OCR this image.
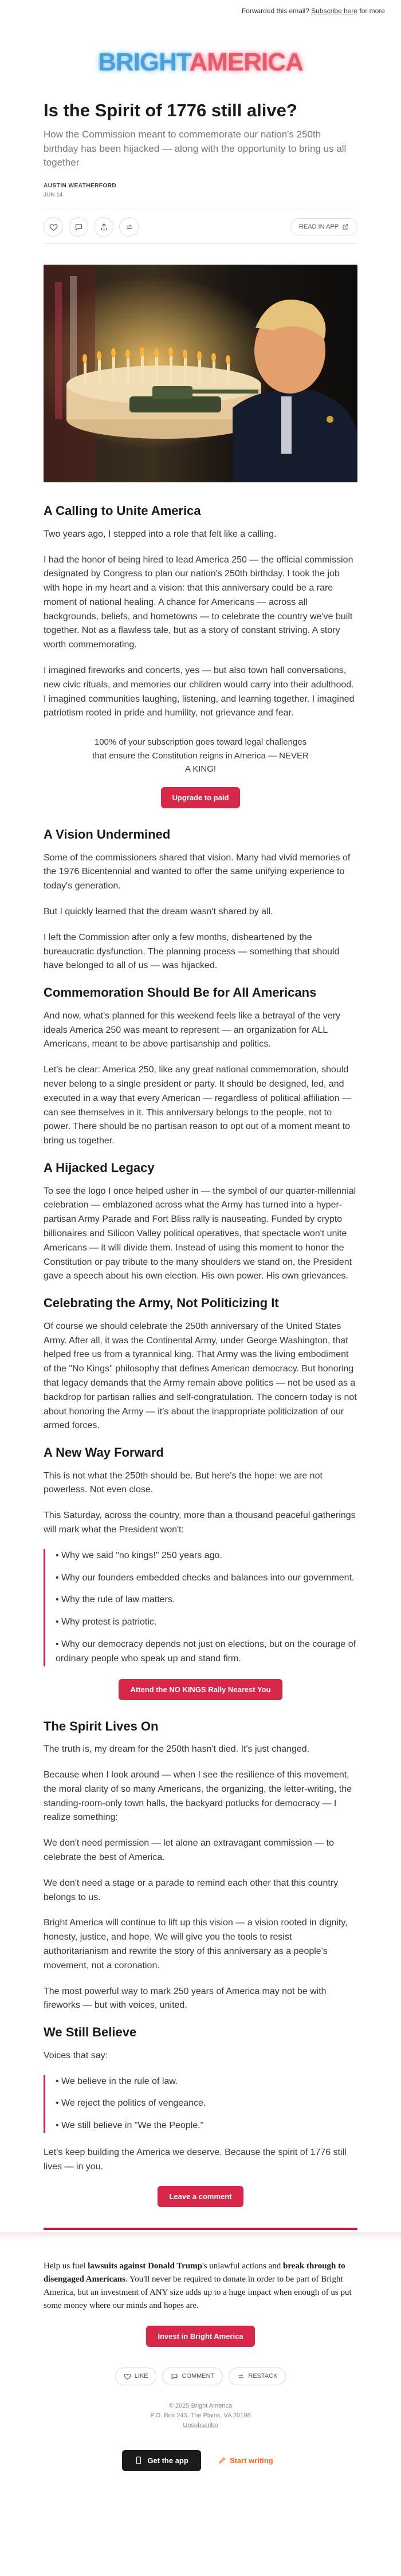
Forwarded this email? Subscribe here for more
BRIGHTAMERICA
Is the Spirit of 1776 still alive?
How the Commission meant to commemorate our nation's 250th birthday has been hijacked — along with the opportunity to bring us all together
AUSTIN WEATHERFORD
JUN 14
READ IN APP
A Calling to Unite America

Two years ago, I stepped into a role that felt like a calling.

I had the honor of being hired to lead America 250 — the official commission designated by Congress to plan our nation's 250th birthday. I took the job with hope in my heart and a vision: that this anniversary could be a rare moment of national healing. A chance for Americans — across all backgrounds, beliefs, and hometowns — to celebrate the country we've built together. Not as a flawless tale, but as a story of constant striving. A story worth commemorating.

I imagined fireworks and concerts, yes — but also town hall conversations, new civic rituals, and memories our children would carry into their adulthood. I imagined communities laughing, listening, and learning together. I imagined patriotism rooted in pride and humility, not grievance and fear.

100% of your subscription goes toward legal challenges that ensure the Constitution reigns in America — NEVER A KING!

Upgrade to paid
A Vision Undermined

Some of the commissioners shared that vision. Many had vivid memories of the 1976 Bicentennial and wanted to offer the same unifying experience to today's generation.

But I quickly learned that the dream wasn't shared by all.

I left the Commission after only a few months, disheartened by the bureaucratic dysfunction. The planning process — something that should have belonged to all of us — was hijacked.

Commemoration Should Be for All Americans

And now, what's planned for this weekend feels like a betrayal of the very ideals America 250 was meant to represent — an organization for ALL Americans, meant to be above partisanship and politics.

Let's be clear: America 250, like any great national commemoration, should never belong to a single president or party. It should be designed, led, and executed in a way that every American — regardless of political affiliation — can see themselves in it. This anniversary belongs to the people, not to power. There should be no partisan reason to opt out of a moment meant to bring us together.

A Hijacked Legacy

To see the logo I once helped usher in — the symbol of our quarter-millennial celebration — emblazoned across what the Army has turned into a hyper-partisan Army Parade and Fort Bliss rally is nauseating. Funded by crypto billionaires and Silicon Valley political operatives, that spectacle won't unite Americans — it will divide them. Instead of using this moment to honor the Constitution or pay tribute to the many shoulders we stand on, the President gave a speech about his own election. His own power. His own grievances.

Celebrating the Army, Not Politicizing It

Of course we should celebrate the 250th anniversary of the United States Army. After all, it was the Continental Army, under George Washington, that helped free us from a tyrannical king. That Army was the living embodiment of the "No Kings" philosophy that defines American democracy. But honoring that legacy demands that the Army remain above politics — not be used as a backdrop for partisan rallies and self-congratulation. The concern today is not about honoring the Army — it's about the inappropriate politicization of our armed forces.

A New Way Forward

This is not what the 250th should be. But here's the hope: we are not powerless. Not even close.

This Saturday, across the country, more than a thousand peaceful gatherings will mark what the President won't:

• Why we said "no kings!" 250 years ago.

• Why our founders embedded checks and balances into our government.

• Why the rule of law matters.

• Why protest is patriotic.

• Why our democracy depends not just on elections, but on the courage of ordinary people who speak up and stand firm.

Attend the NO KINGS Rally Nearest You
The Spirit Lives On

The truth is, my dream for the 250th hasn't died. It's just changed.

Because when I look around — when I see the resilience of this movement, the moral clarity of so many Americans, the organizing, the letter-writing, the standing-room-only town halls, the backyard potlucks for democracy — I realize something:

We don't need permission — let alone an extravagant commission — to celebrate the best of America.

We don't need a stage or a parade to remind each other that this country belongs to us.

Bright America will continue to lift up this vision — a vision rooted in dignity, honesty, justice, and hope. We will give you the tools to resist authoritarianism and rewrite the story of this anniversary as a people's movement, not a coronation.

The most powerful way to mark 250 years of America may not be with fireworks — but with voices, united.

We Still Believe

Voices that say:

• We believe in the rule of law.

• We reject the politics of vengeance.

• We still believe in "We the People."

Let's keep building the America we deserve. Because the spirit of 1776 still lives — in you.

Leave a comment
Help us fuel lawsuits against Donald Trump's unlawful actions and break through to disengaged Americans. You'll never be required to donate in order to be part of Bright America, but an investment of ANY size adds up to a huge impact when enough of us put some money where our minds and hopes are.
Invest in Bright America
LIKE	COMMENT	RESTACK
© 2025 Bright America
P.O. Box 243, The Plains, VA 20198
Unsubscribe
Get the app	Start writing
